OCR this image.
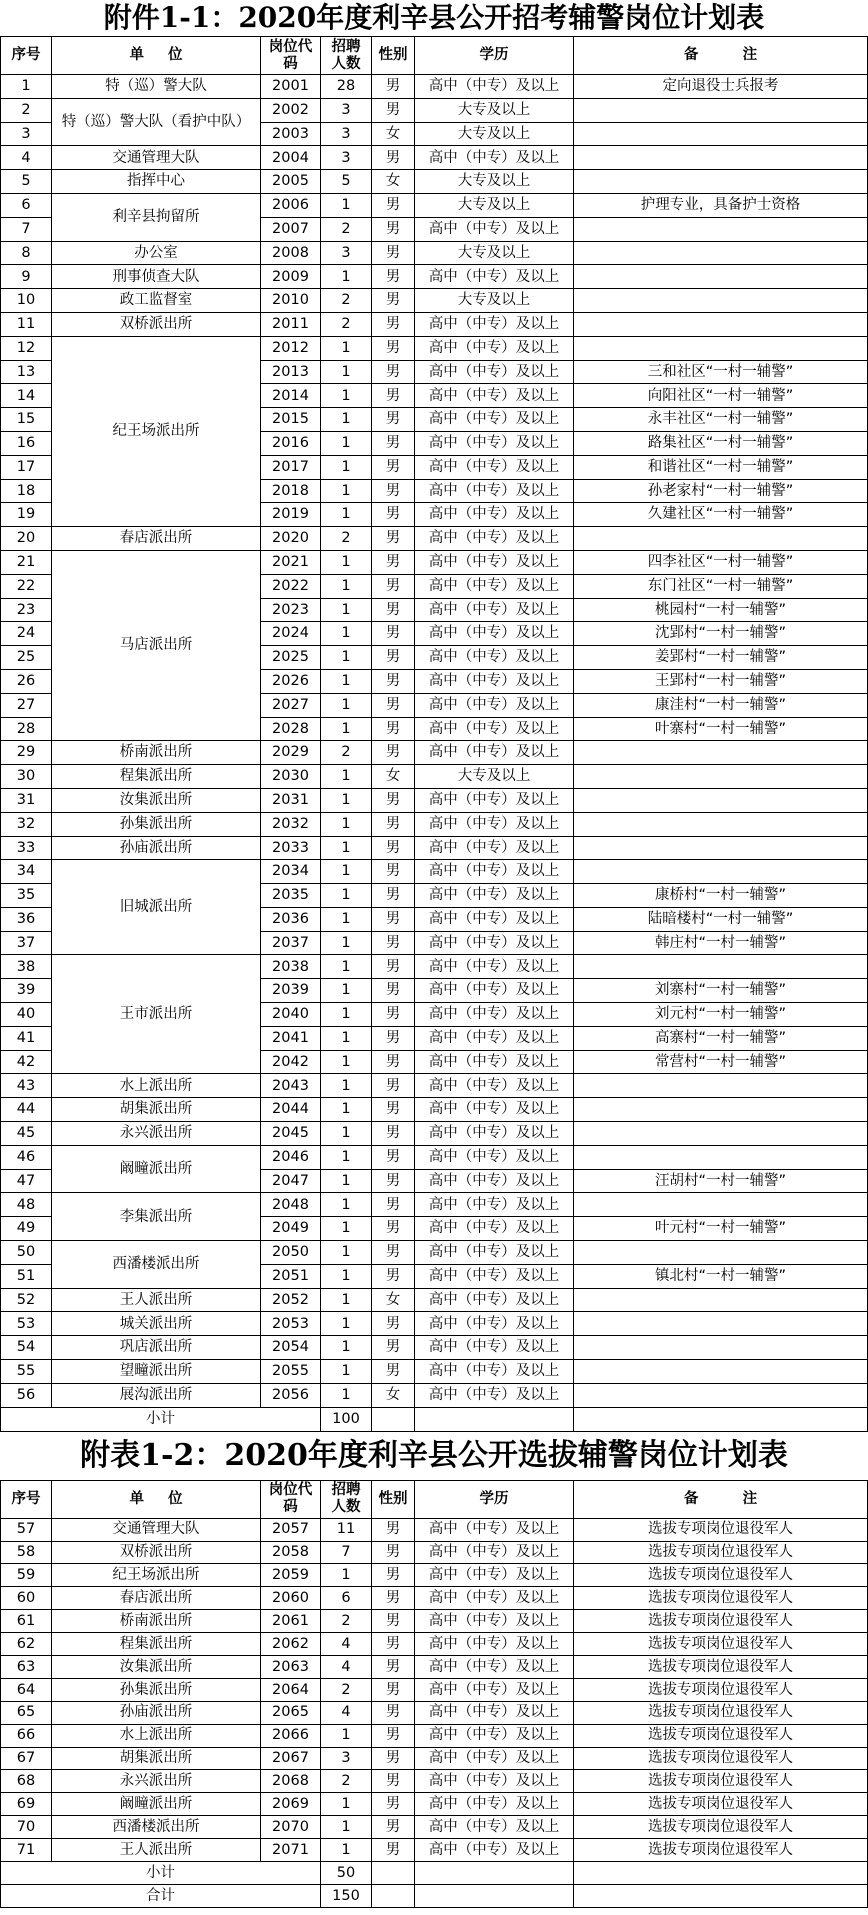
附件1-1：2020年度利辛县公开招考辅警岗位计划表
序号	单 位	岗位代码	招聘人数	性别	学历	备 注
1	特（巡）警大队	2001	28	男	高中（中专）及以上	定向退役士兵报考
2	特（巡）警大队（看护中队）	2002	3	男	大专及以上	
3		2003	3	女	大专及以上	
4	交通管理大队	2004	3	男	高中（中专）及以上	
5	指挥中心	2005	5	女	大专及以上	
6	利辛县拘留所	2006	1	男	大专及以上	护理专业，具备护士资格
7		2007	2	男	高中（中专）及以上	
8	办公室	2008	3	男	大专及以上	
9	刑事侦查大队	2009	1	男	高中（中专）及以上	
10	政工监督室	2010	2	男	大专及以上	
11	双桥派出所	2011	2	男	高中（中专）及以上	
12	纪王场派出所	2012	1	男	高中（中专）及以上	
13		2013	1	男	高中（中专）及以上	三和社区“一村一辅警”
14		2014	1	男	高中（中专）及以上	向阳社区“一村一辅警”
15		2015	1	男	高中（中专）及以上	永丰社区“一村一辅警”
16		2016	1	男	高中（中专）及以上	路集社区“一村一辅警”
17		2017	1	男	高中（中专）及以上	和谐社区“一村一辅警”
18		2018	1	男	高中（中专）及以上	孙老家村“一村一辅警”
19		2019	1	男	高中（中专）及以上	久建社区“一村一辅警”
20	春店派出所	2020	2	男	高中（中专）及以上	
21	马店派出所	2021	1	男	高中（中专）及以上	四李社区“一村一辅警”
22		2022	1	男	高中（中专）及以上	东门社区“一村一辅警”
23		2023	1	男	高中（中专）及以上	桃园村“一村一辅警”
24		2024	1	男	高中（中专）及以上	沈郢村“一村一辅警”
25		2025	1	男	高中（中专）及以上	姜郢村“一村一辅警”
26		2026	1	男	高中（中专）及以上	王郢村“一村一辅警”
27		2027	1	男	高中（中专）及以上	康洼村“一村一辅警”
28		2028	1	男	高中（中专）及以上	叶寨村“一村一辅警”
29	桥南派出所	2029	2	男	高中（中专）及以上	
30	程集派出所	2030	1	女	大专及以上	
31	汝集派出所	2031	1	男	高中（中专）及以上	
32	孙集派出所	2032	1	男	高中（中专）及以上	
33	孙庙派出所	2033	1	男	高中（中专）及以上	
34	旧城派出所	2034	1	男	高中（中专）及以上	
35		2035	1	男	高中（中专）及以上	康桥村“一村一辅警”
36		2036	1	男	高中（中专）及以上	陆暗楼村“一村一辅警”
37		2037	1	男	高中（中专）及以上	韩庄村“一村一辅警”
38	王市派出所	2038	1	男	高中（中专）及以上	
39		2039	1	男	高中（中专）及以上	刘寨村“一村一辅警”
40		2040	1	男	高中（中专）及以上	刘元村“一村一辅警”
41		2041	1	男	高中（中专）及以上	高寨村“一村一辅警”
42		2042	1	男	高中（中专）及以上	常营村“一村一辅警”
43	水上派出所	2043	1	男	高中（中专）及以上	
44	胡集派出所	2044	1	男	高中（中专）及以上	
45	永兴派出所	2045	1	男	高中（中专）及以上	
46	阚疃派出所	2046	1	男	高中（中专）及以上	
47		2047	1	男	高中（中专）及以上	汪胡村“一村一辅警”
48	李集派出所	2048	1	男	高中（中专）及以上	
49		2049	1	男	高中（中专）及以上	叶元村“一村一辅警”
50	西潘楼派出所	2050	1	男	高中（中专）及以上	
51		2051	1	男	高中（中专）及以上	镇北村“一村一辅警”
52	王人派出所	2052	1	女	高中（中专）及以上	
53	城关派出所	2053	1	男	高中（中专）及以上	
54	巩店派出所	2054	1	男	高中（中专）及以上	
55	望疃派出所	2055	1	男	高中（中专）及以上	
56	展沟派出所	2056	1	女	高中（中专）及以上	
小计			100			
附表1-2：2020年度利辛县公开选拔辅警岗位计划表
序号	单 位	岗位代码	招聘人数	性别	学历	备 注
57	交通管理大队	2057	11	男	高中（中专）及以上	选拔专项岗位退役军人
58	双桥派出所	2058	7	男	高中（中专）及以上	选拔专项岗位退役军人
59	纪王场派出所	2059	1	男	高中（中专）及以上	选拔专项岗位退役军人
60	春店派出所	2060	6	男	高中（中专）及以上	选拔专项岗位退役军人
61	桥南派出所	2061	2	男	高中（中专）及以上	选拔专项岗位退役军人
62	程集派出所	2062	4	男	高中（中专）及以上	选拔专项岗位退役军人
63	汝集派出所	2063	4	男	高中（中专）及以上	选拔专项岗位退役军人
64	孙集派出所	2064	2	男	高中（中专）及以上	选拔专项岗位退役军人
65	孙庙派出所	2065	4	男	高中（中专）及以上	选拔专项岗位退役军人
66	水上派出所	2066	1	男	高中（中专）及以上	选拔专项岗位退役军人
67	胡集派出所	2067	3	男	高中（中专）及以上	选拔专项岗位退役军人
68	永兴派出所	2068	2	男	高中（中专）及以上	选拔专项岗位退役军人
69	阚疃派出所	2069	1	男	高中（中专）及以上	选拔专项岗位退役军人
70	西潘楼派出所	2070	1	男	高中（中专）及以上	选拔专项岗位退役军人
71	王人派出所	2071	1	男	高中（中专）及以上	选拔专项岗位退役军人
小计			50			
合计			150			
